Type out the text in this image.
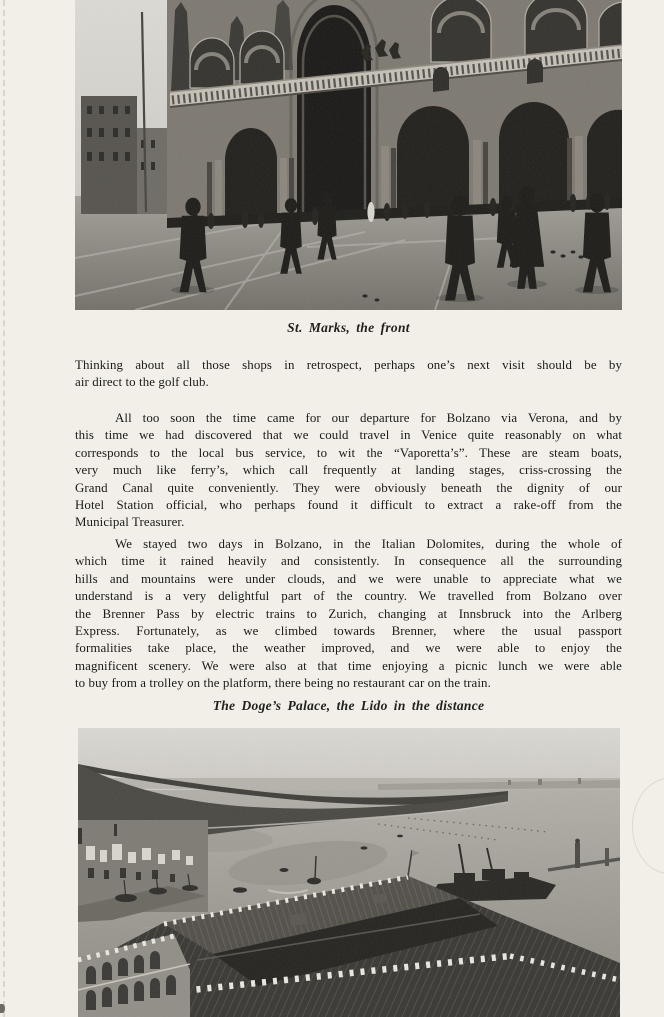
St. Marks, the front
Thinking about all those shops in retrospect, perhaps one’s next visit should be by
air direct to the golf club.
All too soon the time came for our departure for Bolzano via Verona, and by
this time we had discovered that we could travel in Venice quite reasonably on what
corresponds to the local bus service, to wit the “Vaporetta’s”. These are steam boats,
very much like ferry’s, which call frequently at landing stages, criss-crossing the
Grand Canal quite conveniently. They were obviously beneath the dignity of our
Hotel Station official, who perhaps found it difficult to extract a rake-off from the
Municipal Treasurer.
We stayed two days in Bolzano, in the Italian Dolomites, during the whole of
which time it rained heavily and consistently. In consequence all the surrounding
hills and mountains were under clouds, and we were unable to appreciate what we
understand is a very delightful part of the country. We travelled from Bolzano over
the Brenner Pass by electric trains to Zurich, changing at Innsbruck into the Arlberg
Express. Fortunately, as we climbed towards Brenner, where the usual passport
formalities take place, the weather improved, and we were able to enjoy the
magnificent scenery. We were also at that time enjoying a picnic lunch we were able
to buy from a trolley on the platform, there being no restaurant car on the train.
The Doge’s Palace, the Lido in the distance
